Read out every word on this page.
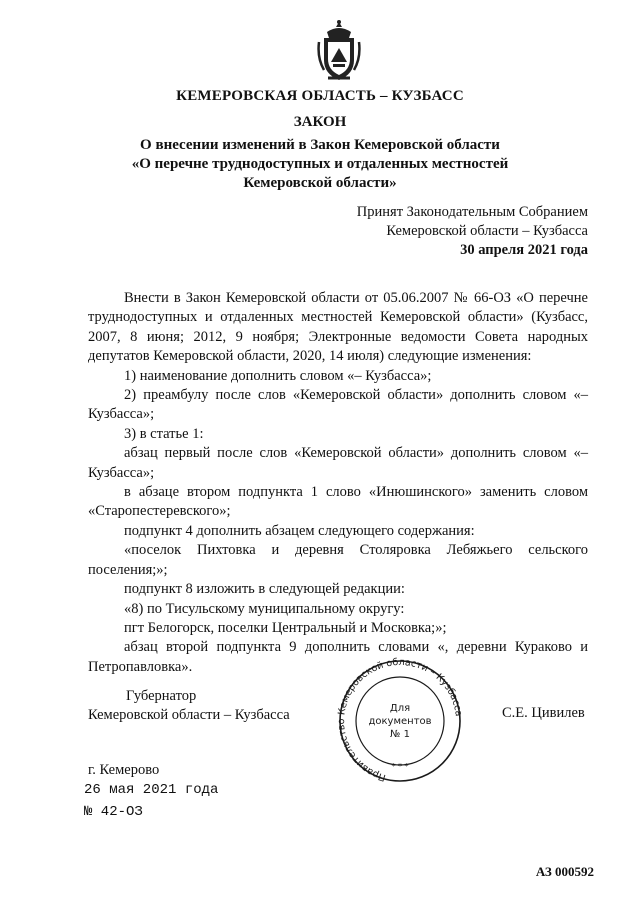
КЕМЕРОВСКАЯ ОБЛАСТЬ – КУЗБАСС
ЗАКОН
О внесении изменений в Закон Кемеровской области
«О перечне труднодоступных и отдаленных местностей
Кемеровской области»
Принят Законодательным Собранием
Кемеровской области – Кузбасса
30 апреля 2021 года

Внести в Закон Кемеровской области от 05.06.2007 № 66-ОЗ «О перечне труднодоступных и отдаленных местностей Кемеровской области» (Кузбасс, 2007, 8 июня; 2012, 9 ноября; Электронные ведомости Совета народных депутатов Кемеровской области, 2020, 14 июля) следующие изменения:

1) наименование дополнить словом «– Кузбасса»;

2) преамбулу после слов «Кемеровской области» дополнить словом «– Кузбасса»;

3) в статье 1:

абзац первый после слов «Кемеровской области» дополнить словом «– Кузбасса»;

в абзаце втором подпункта 1 слово «Инюшинского» заменить словом «Старопестеревского»;

подпункт 4 дополнить абзацем следующего содержания:

«поселок Пихтовка и деревня Столяровка Лебяжьего сельского поселения;»;

подпункт 8 изложить в следующей редакции:

«8) по Тисульскому муниципальному округу:

пгт Белогорск, поселки Центральный и Московка;»;

абзац второй подпункта 9 дополнить словами «, деревни Кураково и Петропавловка».

Губернатор
Кемеровской области – Кузбасса
Правительство Кемеровской области – Кузбасса
* * *
Для
документов
№ 1
С.Е. Цивилев
г. Кемерово
26 мая 2021 года
№ 42-ОЗ
АЗ 000592
